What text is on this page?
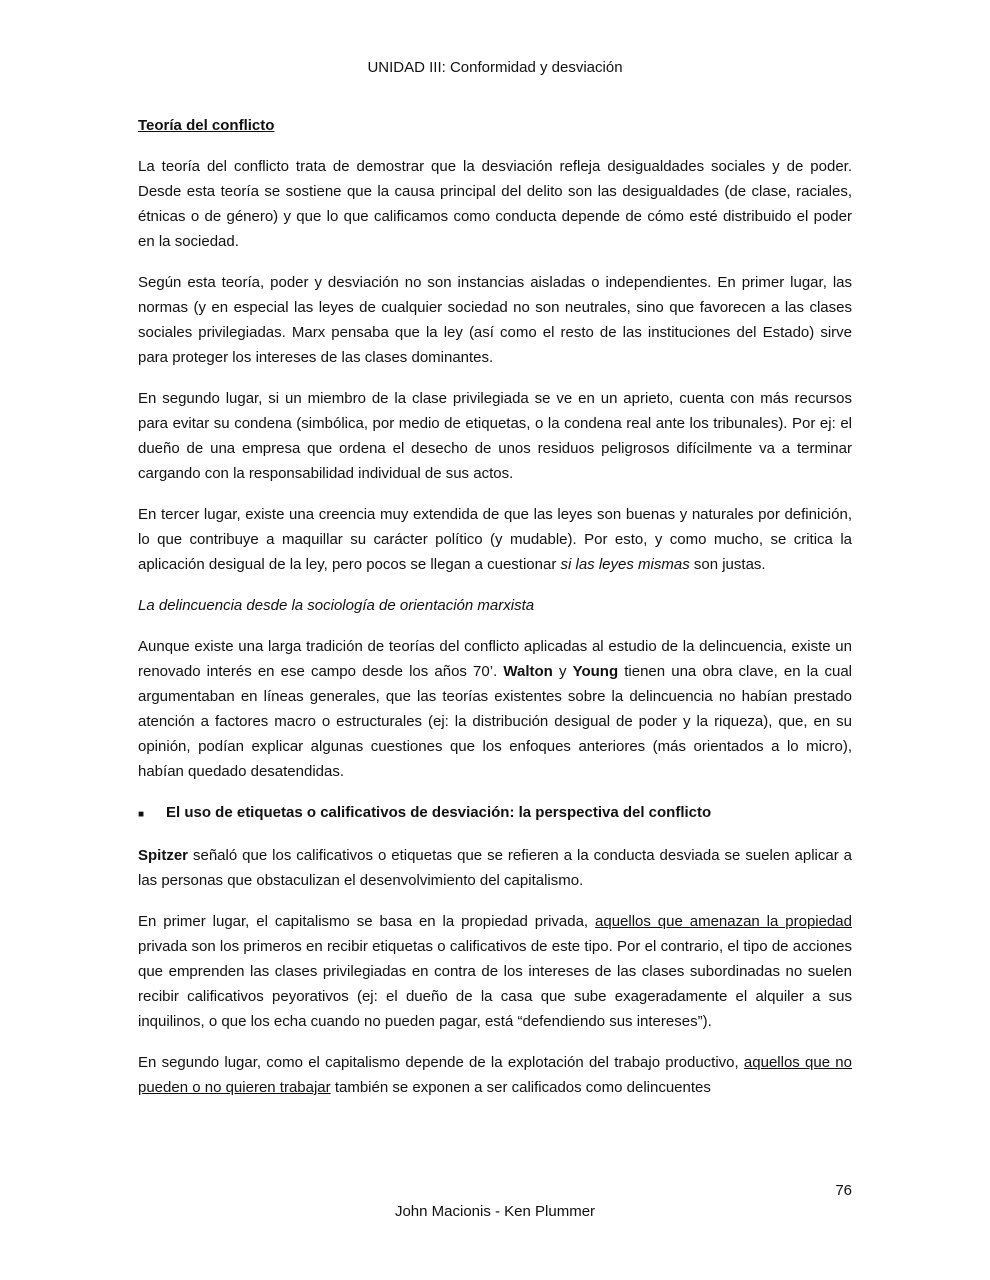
UNIDAD III: Conformidad y desviación
Teoría del conflicto

La teoría del conflicto trata de demostrar que la desviación refleja desigualdades sociales y de poder. Desde esta teoría se sostiene que la causa principal del delito son las desigualdades (de clase, raciales, étnicas o de género) y que lo que calificamos como conducta depende de cómo esté distribuido el poder en la sociedad.

Según esta teoría, poder y desviación no son instancias aisladas o independientes. En primer lugar, las normas (y en especial las leyes de cualquier sociedad no son neutrales, sino que favorecen a las clases sociales privilegiadas. Marx pensaba que la ley (así como el resto de las instituciones del Estado) sirve para proteger los intereses de las clases dominantes.

En segundo lugar, si un miembro de la clase privilegiada se ve en un aprieto, cuenta con más recursos para evitar su condena (simbólica, por medio de etiquetas, o la condena real ante los tribunales). Por ej: el dueño de una empresa que ordena el desecho de unos residuos peligrosos difícilmente va a terminar cargando con la responsabilidad individual de sus actos.

En tercer lugar, existe una creencia muy extendida de que las leyes son buenas y naturales por definición, lo que contribuye a maquillar su carácter político (y mudable). Por esto, y como mucho, se critica la aplicación desigual de la ley, pero pocos se llegan a cuestionar si las leyes mismas son justas.

La delincuencia desde la sociología de orientación marxista

Aunque existe una larga tradición de teorías del conflicto aplicadas al estudio de la delincuencia, existe un renovado interés en ese campo desde los años 70’. Walton y Young tienen una obra clave, en la cual argumentaban en líneas generales, que las teorías existentes sobre la delincuencia no habían prestado atención a factores macro o estructurales (ej: la distribución desigual de poder y la riqueza), que, en su opinión, podían explicar algunas cuestiones que los enfoques anteriores (más orientados a lo micro), habían quedado desatendidas.

■	El uso de etiquetas o calificativos de desviación: la perspectiva del conflicto

Spitzer señaló que los calificativos o etiquetas que se refieren a la conducta desviada se suelen aplicar a las personas que obstaculizan el desenvolvimiento del capitalismo.

En primer lugar, el capitalismo se basa en la propiedad privada, aquellos que amenazan la propiedad privada son los primeros en recibir etiquetas o calificativos de este tipo. Por el contrario, el tipo de acciones que emprenden las clases privilegiadas en contra de los intereses de las clases subordinadas no suelen recibir calificativos peyorativos (ej: el dueño de la casa que sube exageradamente el alquiler a sus inquilinos, o que los echa cuando no pueden pagar, está “defendiendo sus intereses”).

En segundo lugar, como el capitalismo depende de la explotación del trabajo productivo, aquellos que no pueden o no quieren trabajar también se exponen a ser calificados como delincuentes

76
John Macionis - Ken Plummer
